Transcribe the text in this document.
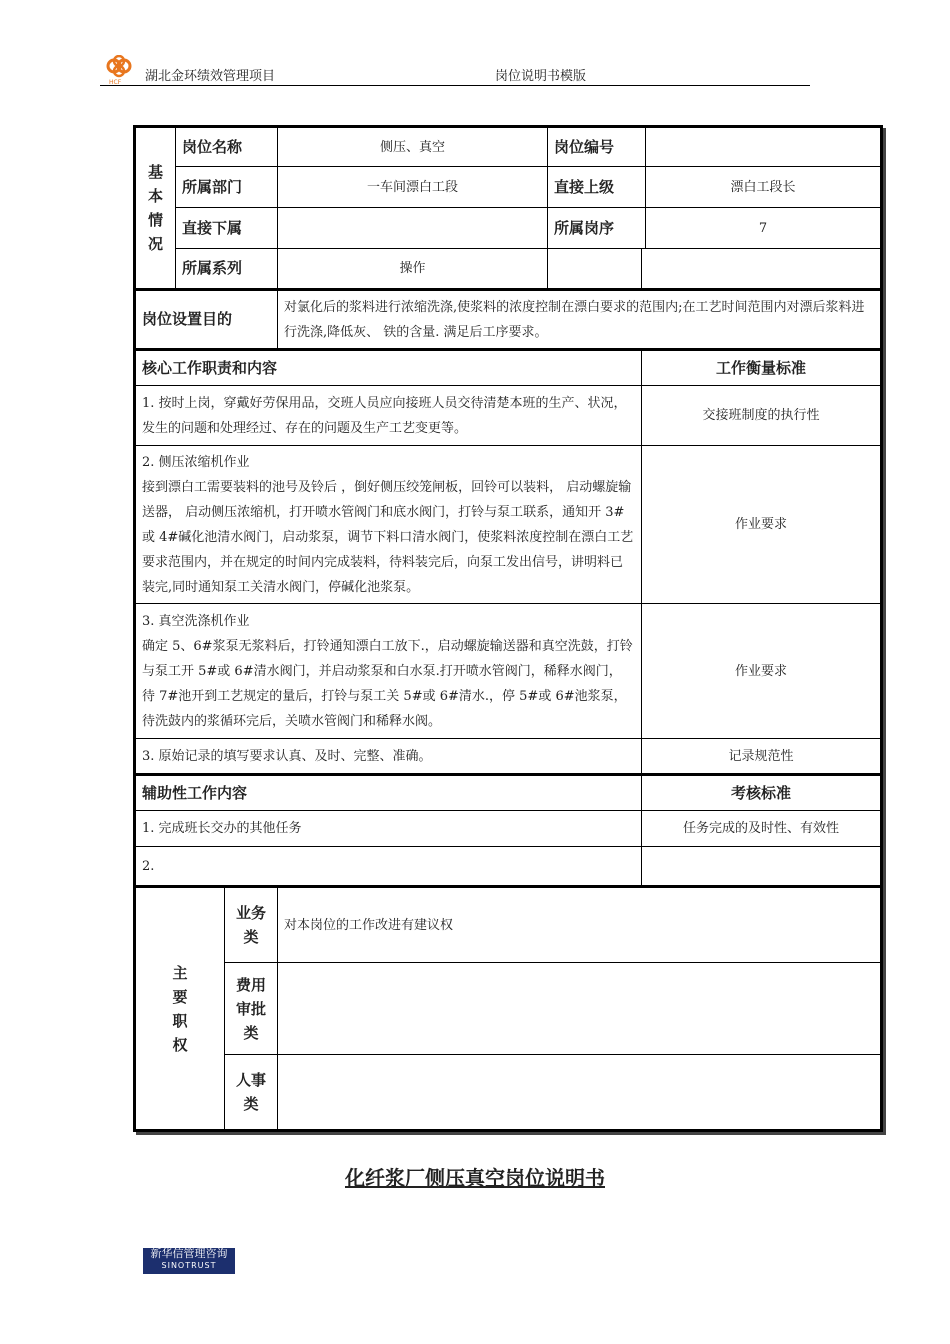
HCF 湖北金环绩效管理项目	岗位说明书模版
基本情况	岗位名称		侧压、真空	岗位编号		
	所属部门		一车间漂白工段	直接上级		漂白工段长
	直接下属			所属岗序		7
	所属系列		操作			
岗位设置目的			对氯化后的浆料进行浓缩洗涤,使浆料的浓度控制在漂白要求的范围内;在工艺时间范围内对漂后浆料进行洗涤,降低灰、 铁的含量. 满足后工序要求。			
核心工作职责和内容					工作衡量标准	

1. 按时上岗，穿戴好劳保用品，交班人员应向接班人员交待清楚本班的生产、状况，发生的问题和处理经过、存在的问题及生产工艺变更等。					交接班制度的执行性	

2. 侧压浓缩机作业
接到漂白工需要装料的池号及铃后 ，倒好侧压绞笼闸板，回铃可以装料， 启动螺旋输送器， 启动侧压浓缩机，打开喷水管阀门和底水阀门，打铃与泵工联系，通知开 3#或 4#碱化池清水阀门，启动浆泵，调节下料口清水阀门，使浆料浓度控制在漂白工艺要求范围内，并在规定的时间内完成装料，待料装完后，向泵工发出信号，讲明料已装完,同时通知泵工关清水阀门，停碱化池浆泵。					作业要求	

3. 真空洗涤机作业
确定 5、6#浆泵无浆料后，打铃通知漂白工放下.，启动螺旋输送器和真空洗鼓，打铃与泵工开 5#或 6#清水阀门，并启动浆泵和白水泵.打开喷水管阀门，稀释水阀门， 待 7#池开到工艺规定的量后，打铃与泵工关 5#或 6#清水.，停 5#或 6#池浆泵，待洗鼓内的浆循环完后，关喷水管阀门和稀释水阀。					作业要求	
3. 原始记录的填写要求认真、及时、完整、准确。					记录规范性	
辅助性工作内容					考核标准	
1. 完成班长交办的其他任务					任务完成的及时性、有效性	
2.						
主要职权		业务类	对本岗位的工作改进有建议权			
		费用审批类				
		人事类				
化纤浆厂侧压真空岗位说明书
新华信管理咨询
SINOTRUST
